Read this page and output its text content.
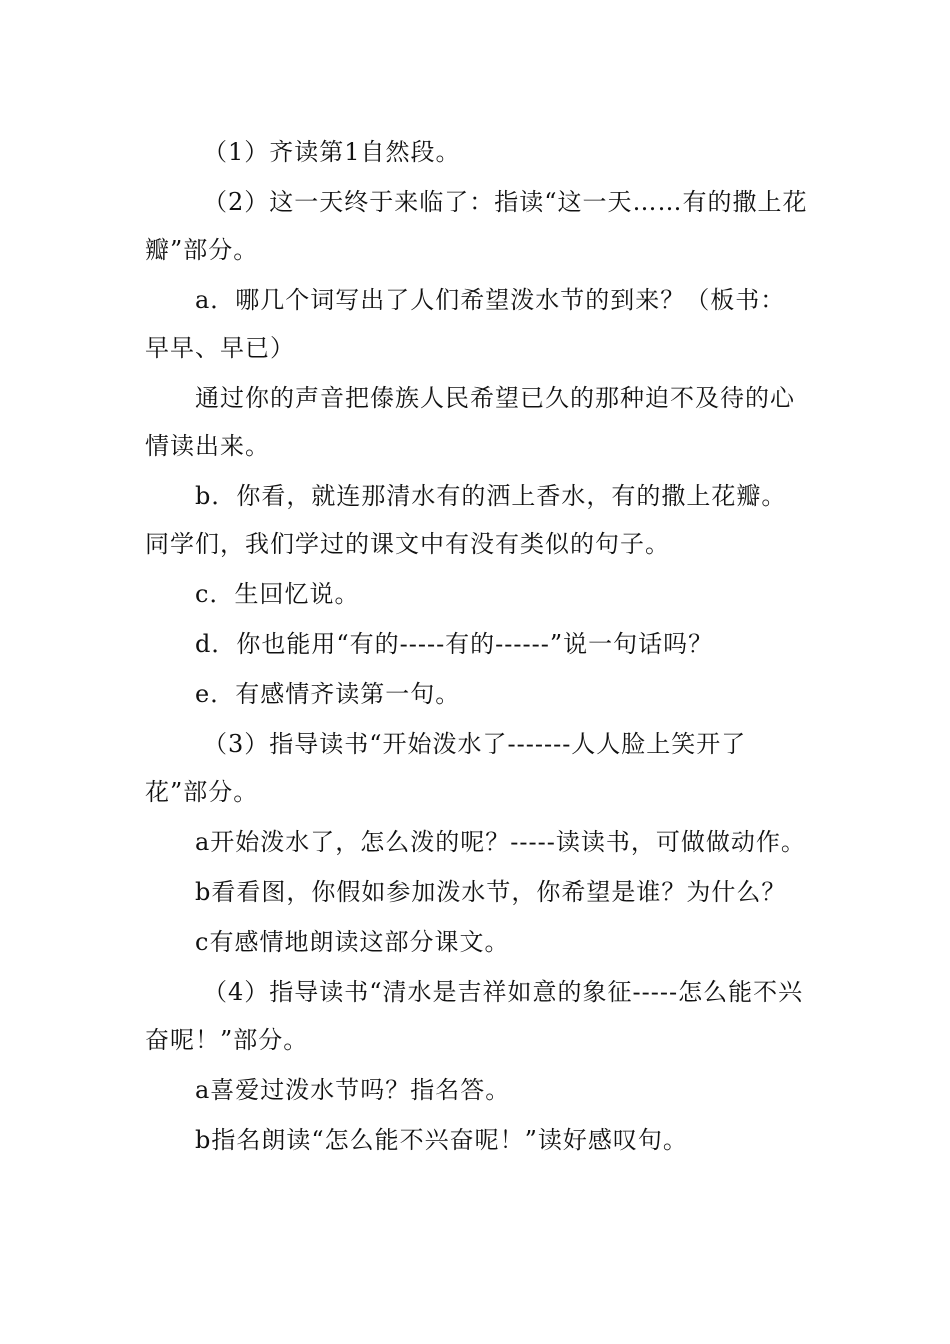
（1）齐读第1自然段。

（2）这一天终于来临了：指读“这一天……有的撒上花瓣”部分。

a．哪几个词写出了人们希望泼水节的到来？（板书：早早、早已）

通过你的声音把傣族人民希望已久的那种迫不及待的心情读出来。

b．你看，就连那清水有的洒上香水，有的撒上花瓣。同学们，我们学过的课文中有没有类似的句子。

c．生回忆说。

d．你也能用“有的-----有的------”说一句话吗？

e．有感情齐读第一句。

（3）指导读书“开始泼水了-------人人脸上笑开了花”部分。

a开始泼水了，怎么泼的呢？-----读读书，可做做动作。

b看看图，你假如参加泼水节，你希望是谁？为什么？

c有感情地朗读这部分课文。

（4）指导读书“清水是吉祥如意的象征-----怎么能不兴奋呢！”部分。

a喜爱过泼水节吗？指名答。

b指名朗读“怎么能不兴奋呢！”读好感叹句。
